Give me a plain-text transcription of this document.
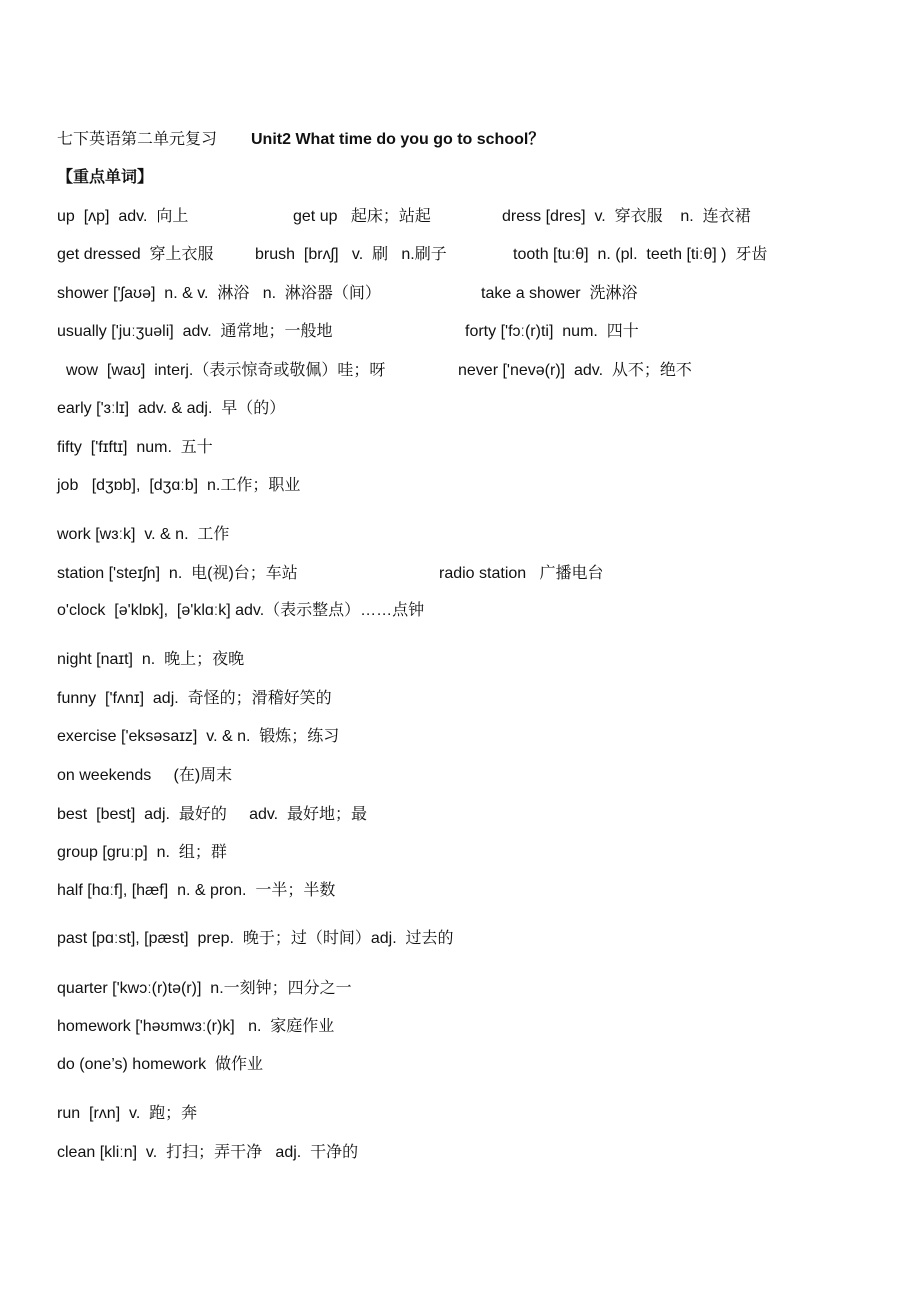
七下英语第二单元复习

Unit2 What time do you go to school？

【重点单词】

up  [ʌp]  adv.  向上

	get up   起床；站起

	dress [dres]  v.  穿衣服    n.  连衣裙

get dressed  穿上衣服

	brush  [brʌʃ]   v.  刷   n.刷子

	tooth [tuːθ]  n. (pl.  teeth [tiːθ] )  牙齿

shower ['ʃaʊə]  n. & v.  淋浴   n.  淋浴器（间）

	take a shower  洗淋浴

usually ['juːʒuəli]  adv.  通常地；一般地

	forty ['fɔː(r)ti]  num.  四十

wow  [waʊ]  interj.（表示惊奇或敬佩）哇；呀

	never ['nevə(r)]  adv.  从不；绝不

early ['ɜːlɪ]  adv. & adj.  早（的）

fifty  ['fɪftɪ]  num.  五十

job   [dʒɒb],  [dʒɑːb]  n.工作；职业

work [wɜːk]  v. & n.  工作

station ['steɪʃn]  n.  电(视)台；车站

	radio station   广播电台

o'clock  [ə'klɒk],  [ə'klɑːk] adv.（表示整点）……点钟

night [naɪt]  n.  晚上；夜晚

funny  ['fʌnɪ]  adj.  奇怪的；滑稽好笑的

exercise ['eksəsaɪz]  v. & n.  锻炼；练习

on weekends     (在)周末

best  [best]  adj.  最好的     adv.  最好地；最

group [gruːp]  n.  组；群

half [hɑːf], [hæf]  n. & pron.  一半；半数

past [pɑːst], [pæst]  prep.  晚于；过（时间）adj.  过去的

quarter ['kwɔː(r)tə(r)]  n.一刻钟；四分之一

homework ['həʊmwɜː(r)k]   n.  家庭作业

do (one’s) homework  做作业

run  [rʌn]  v.  跑；奔

clean [kliːn]  v.  打扫；弄干净   adj.  干净的
